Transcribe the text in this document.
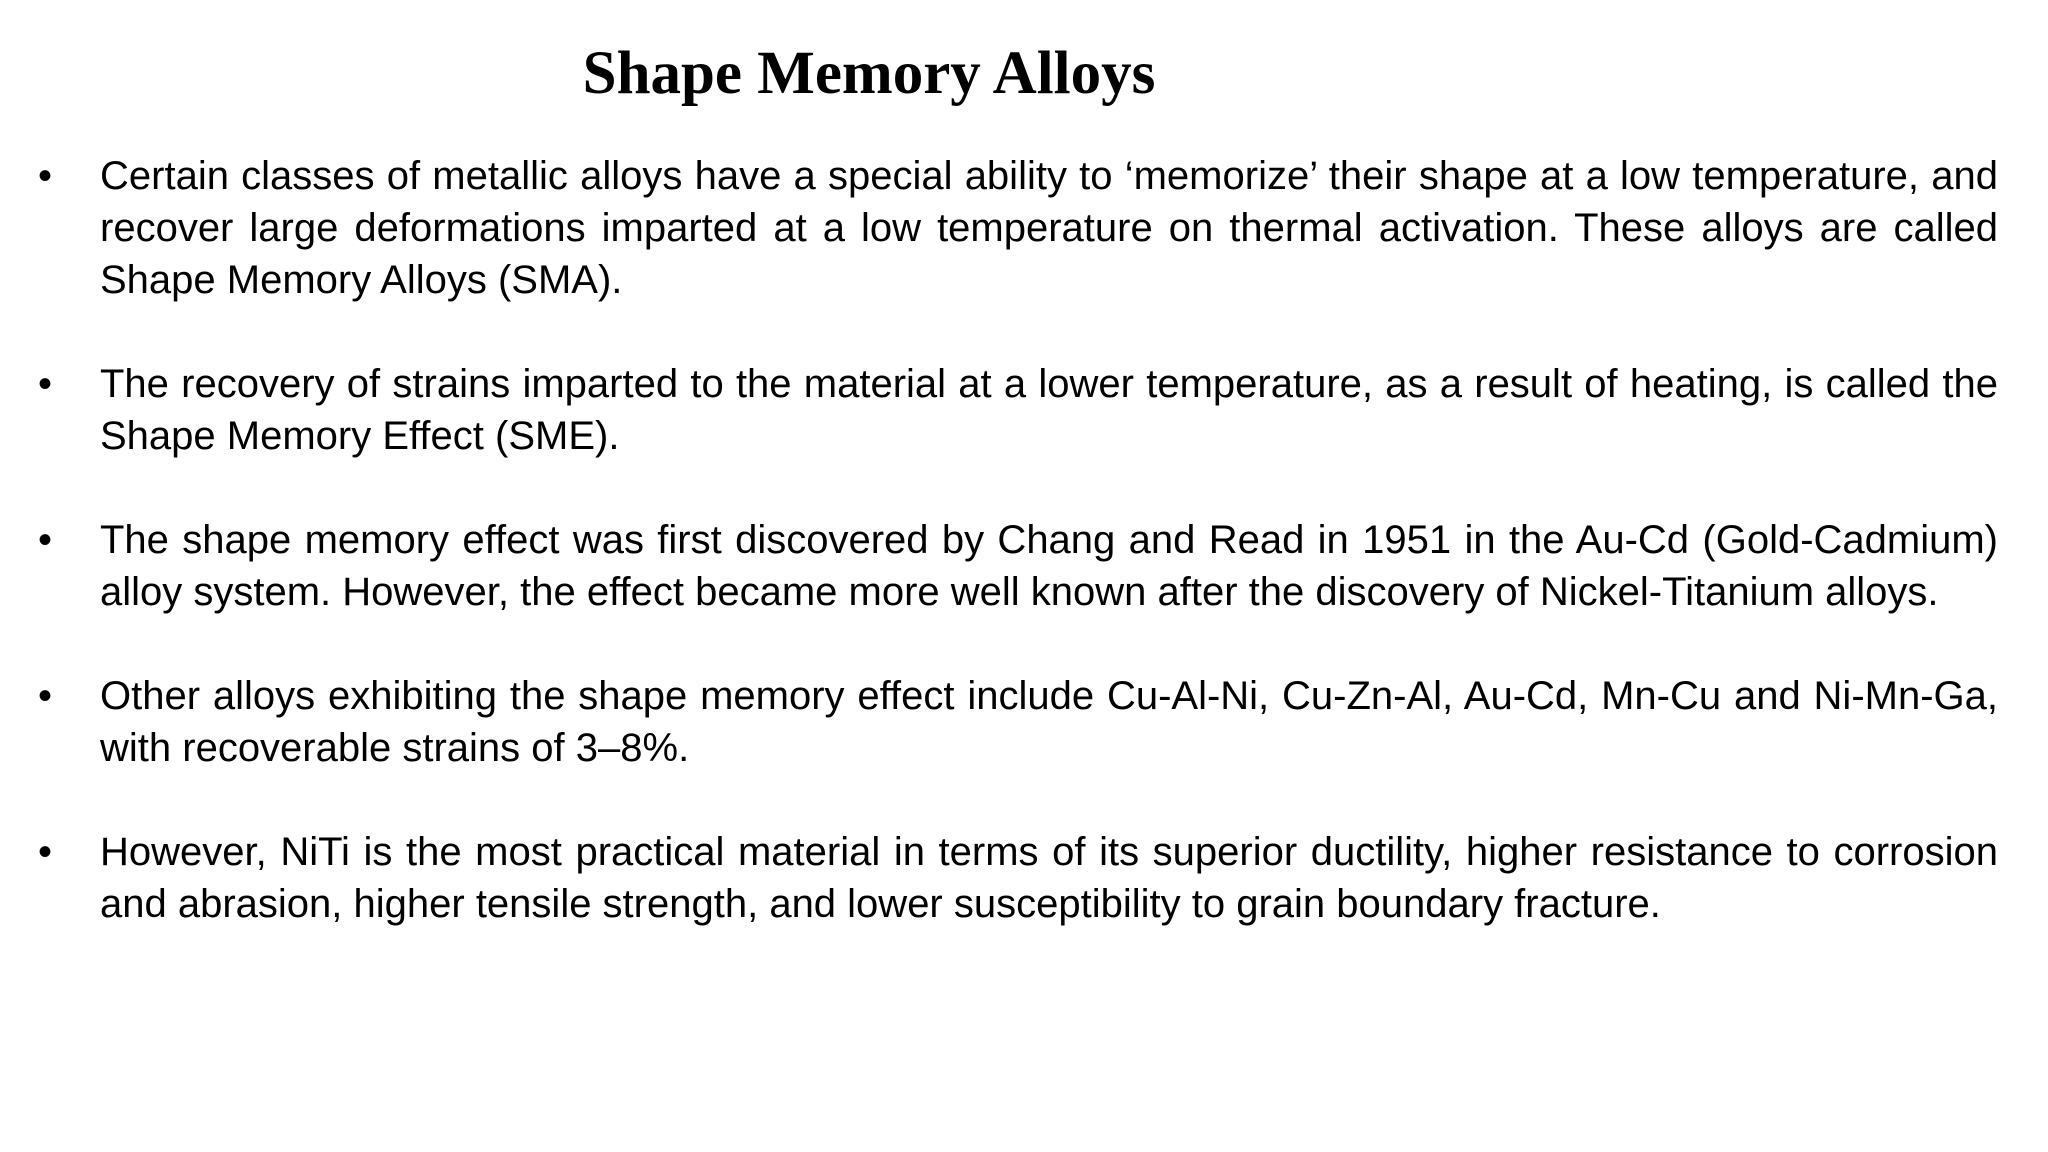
Shape Memory Alloys
•	Certain classes of metallic alloys have a special ability to ‘memorize’ their shape at a low temperature, and recover large deformations imparted at a low temperature on thermal activation. These alloys are called Shape Memory Alloys (SMA).

•	The recovery of strains imparted to the material at a lower temperature, as a result of heating, is called the Shape Memory Effect (SME).

•	The shape memory effect was first discovered by Chang and Read in 1951 in the Au-Cd (Gold-Cadmium) alloy system. However, the effect became more well known after the discovery of Nickel-Titanium alloys.

•	Other alloys exhibiting the shape memory effect include Cu-Al-Ni, Cu-Zn-Al, Au-Cd, Mn-Cu and Ni-Mn-Ga, with recoverable strains of 3–8%.

•	However, NiTi is the most practical material in terms of its superior ductility, higher resistance to corrosion and abrasion, higher tensile strength, and lower susceptibility to grain boundary fracture.
